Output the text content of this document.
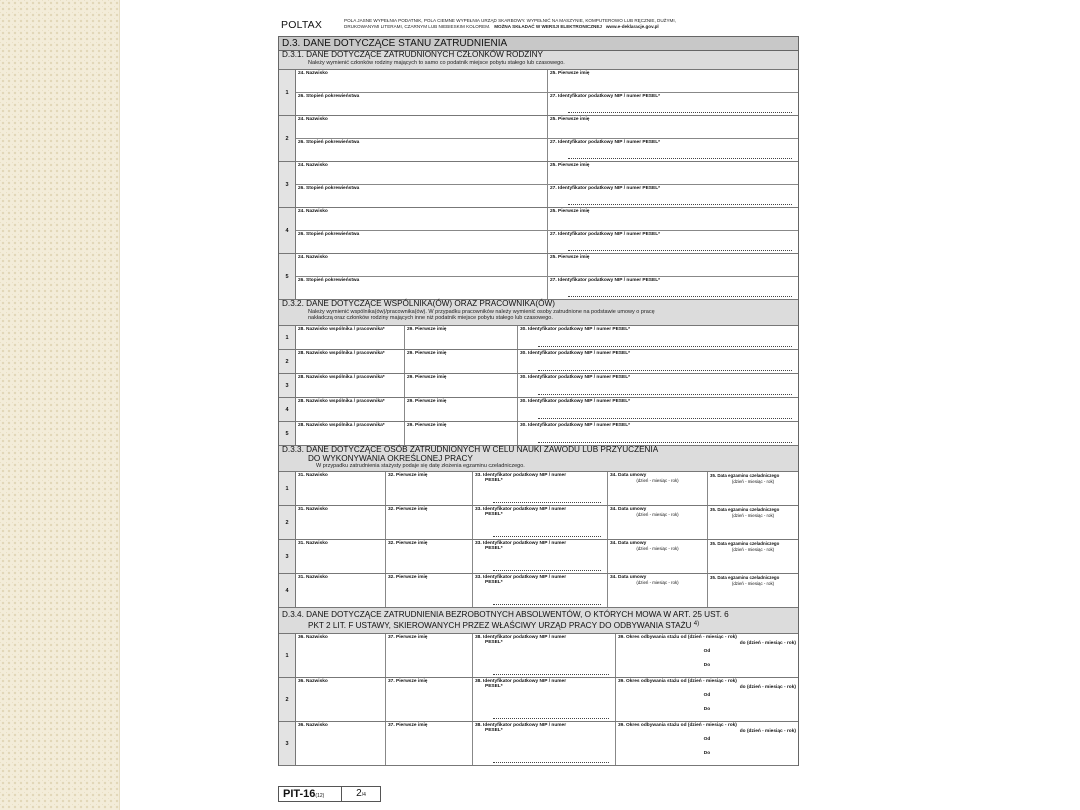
POLTAX	POLA JASNE WYPEŁNIA PODATNIK, POLA CIEMNE WYPEŁNIA URZĄD SKARBOWY. WYPEŁNIĆ NA MASZYNIE, KOMPUTEROWO LUB RĘCZNIE, DUŻYMI,
DRUKOWANYMI LITERAMI, CZARNYM LUB NIEBIESKIM KOLOREM. MOŻNA SKŁADAĆ W WERSJI ELEKTRONICZNEJ www.e-deklaracje.gov.pl
D.3. DANE DOTYCZĄCE STANU ZATRUDNIENIA
D.3.1. DANE DOTYCZĄCE ZATRUDNIONYCH CZŁONKÓW RODZINY
Należy wymienić członków rodziny mających to samo co podatnik miejsce pobytu stałego lub czasowego.
1
24. Nazwisko	25. Pierwsze imię
26. Stopień pokrewieństwa	27. Identyfikator podatkowy NIP / numer PESEL*
2
24. Nazwisko	25. Pierwsze imię
26. Stopień pokrewieństwa	27. Identyfikator podatkowy NIP / numer PESEL*
3
24. Nazwisko	25. Pierwsze imię
26. Stopień pokrewieństwa	27. Identyfikator podatkowy NIP / numer PESEL*
4
24. Nazwisko	25. Pierwsze imię
26. Stopień pokrewieństwa	27. Identyfikator podatkowy NIP / numer PESEL*
5
24. Nazwisko	25. Pierwsze imię
26. Stopień pokrewieństwa	27. Identyfikator podatkowy NIP / numer PESEL*
D.3.2. DANE DOTYCZĄCE WSPÓLNIKA(ÓW) ORAZ PRACOWNIKA(ÓW)
Należy wymienić wspólnika(ów)/pracownika(ów). W przypadku pracowników należy wymienić osoby zatrudnione na podstawie umowy o pracę
nakładczą oraz członków rodziny mających inne niż podatnik miejsce pobytu stałego lub czasowego.
1
28. Nazwisko wspólnika / pracownika*	29. Pierwsze imię	30. Identyfikator podatkowy NIP / numer PESEL*
2
28. Nazwisko wspólnika / pracownika*	29. Pierwsze imię	30. Identyfikator podatkowy NIP / numer PESEL*
3
28. Nazwisko wspólnika / pracownika*	29. Pierwsze imię	30. Identyfikator podatkowy NIP / numer PESEL*
4
28. Nazwisko wspólnika / pracownika*	29. Pierwsze imię	30. Identyfikator podatkowy NIP / numer PESEL*
5
28. Nazwisko wspólnika / pracownika*	29. Pierwsze imię	30. Identyfikator podatkowy NIP / numer PESEL*
D.3.3. DANE DOTYCZĄCE OSÓB ZATRUDNIONYCH W CELU NAUKI ZAWODU LUB PRZYUCZENIA
DO WYKONYWANIA OKREŚLONEJ PRACY
W przypadku zatrudnienia stażysty podaje się datę złożenia egzaminu czeladniczego.
1
31. Nazwisko	32. Pierwsze imię	33. Identyfikator podatkowy NIP / numer
PESEL*
34. Data umowy
(dzień - miesiąc - rok)
35. Data egzaminu czeladniczego
(dzień - miesiąc - rok)
2
31. Nazwisko	32. Pierwsze imię	33. Identyfikator podatkowy NIP / numer
PESEL*
34. Data umowy
(dzień - miesiąc - rok)
35. Data egzaminu czeladniczego
(dzień - miesiąc - rok)
3
31. Nazwisko	32. Pierwsze imię	33. Identyfikator podatkowy NIP / numer
PESEL*
34. Data umowy
(dzień - miesiąc - rok)
35. Data egzaminu czeladniczego
(dzień - miesiąc - rok)
4
31. Nazwisko	32. Pierwsze imię	33. Identyfikator podatkowy NIP / numer
PESEL*
34. Data umowy
(dzień - miesiąc - rok)
35. Data egzaminu czeladniczego
(dzień - miesiąc - rok)
D.3.4. DANE DOTYCZĄCE ZATRUDNIENIA BEZROBOTNYCH ABSOLWENTÓW, O KTÓRYCH MOWA W ART. 25 UST. 6
PKT 2 LIT. F USTAWY, SKIEROWANYCH PRZEZ WŁAŚCIWY URZĄD PRACY DO ODBYWANIA STAŻU $^{4)}$
1
36. Nazwisko	37. Pierwsze imię	38. Identyfikator podatkowy NIP / numer
PESEL*
39. Okres odbywania stażu od (dzień - miesiąc - rok)
do (dzień - miesiąc - rok)
Od
Do
2
36. Nazwisko	37. Pierwsze imię	38. Identyfikator podatkowy NIP / numer
PESEL*
39. Okres odbywania stażu od (dzień - miesiąc - rok)
do (dzień - miesiąc - rok)
Od
Do
3
36. Nazwisko	37. Pierwsze imię	38. Identyfikator podatkowy NIP / numer
PESEL*
39. Okres odbywania stażu od (dzień - miesiąc - rok)
do (dzień - miesiąc - rok)
Od
Do
PIT-16(12)	2/4
